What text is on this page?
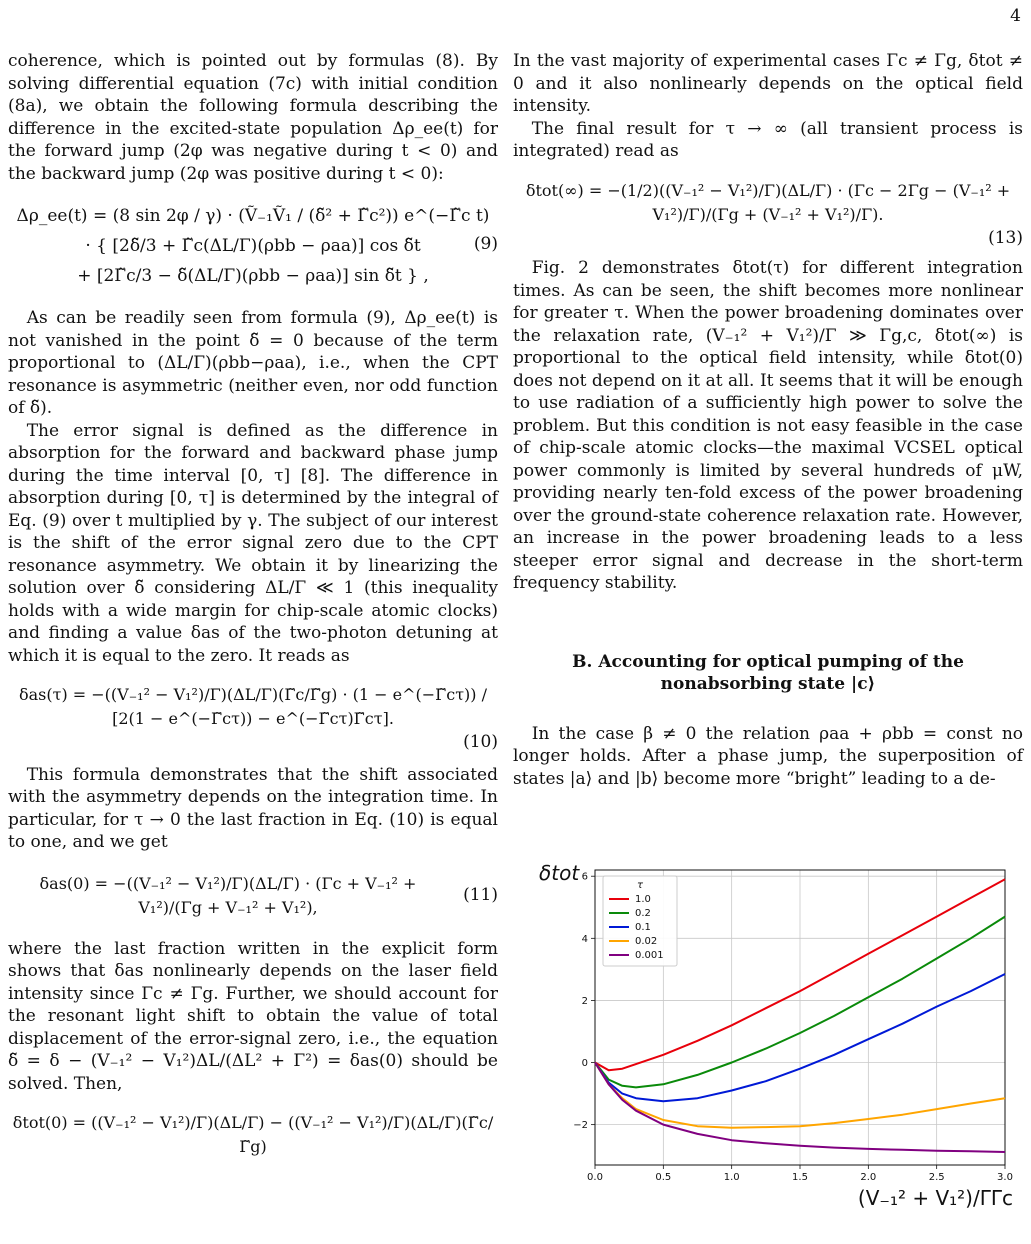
4

coherence, which is pointed out by formulas (8). By solving differential equation (7c) with initial condition (8a), we obtain the following formula describing the difference in the excited-state population Δρ_ee(t) for the forward jump (2φ was negative during t < 0) and the backward jump (2φ was positive during t < 0):

Δρ_ee(t) = (8 sin 2φ / γ) · (Ṽ₋₁Ṽ₁ / (δ̃² + Γ̃c²)) e^(−Γ̃c t)
· { [2δ̃/3 + Γ̃c(ΔL/Γ)(ρbb − ρaa)] cos δ̃t
+ [2Γ̃c/3 − δ̃(ΔL/Γ)(ρbb − ρaa)] sin δ̃t } ,
(9)

As can be readily seen from formula (9), Δρ_ee(t) is not vanished in the point δ̃ = 0 because of the term proportional to (ΔL/Γ)(ρbb−ρaa), i.e., when the CPT resonance is asymmetric (neither even, nor odd function of δ̃).

The error signal is defined as the difference in absorption for the forward and backward phase jump during the time interval [0, τ] [8]. The difference in absorption during [0, τ] is determined by the integral of Eq. (9) over t multiplied by γ. The subject of our interest is the shift of the error signal zero due to the CPT resonance asymmetry. We obtain it by linearizing the solution over δ̃ considering ΔL/Γ ≪ 1 (this inequality holds with a wide margin for chip-scale atomic clocks) and finding a value δas of the two-photon detuning at which it is equal to the zero. It reads as

δas(τ) = −((V₋₁² − V₁²)/Γ)(ΔL/Γ)(Γ̃c/Γ̃g) · (1 − e^(−Γ̃cτ)) / [2(1 − e^(−Γ̃cτ)) − e^(−Γ̃cτ)Γ̃cτ].
(10)

This formula demonstrates that the shift associated with the asymmetry depends on the integration time. In particular, for τ → 0 the last fraction in Eq. (10) is equal to one, and we get

δas(0) = −((V₋₁² − V₁²)/Γ)(ΔL/Γ) · (Γc + V₋₁² + V₁²)/(Γg + V₋₁² + V₁²),
(11)

where the last fraction written in the explicit form shows that δas nonlinearly depends on the laser field intensity since Γc ≠ Γg. Further, we should account for the resonant light shift to obtain the value of total displacement of the error-signal zero, i.e., the equation δ̃ = δ − (V₋₁² − V₁²)ΔL/(ΔL² + Γ²) = δas(0) should be solved. Then,

δtot(0) = ((V₋₁² − V₁²)/Γ)(ΔL/Γ) − ((V₋₁² − V₁²)/Γ)(ΔL/Γ)(Γ̃c/Γ̃g)

In the vast majority of experimental cases Γc ≠ Γg, δtot ≠ 0 and it also nonlinearly depends on the optical field intensity.

The final result for τ → ∞ (all transient process is integrated) read as

δtot(∞) = −(1/2)((V₋₁² − V₁²)/Γ)(ΔL/Γ) · (Γc − 2Γg − (V₋₁² + V₁²)/Γ)/(Γg + (V₋₁² + V₁²)/Γ).
(13)

Fig. 2 demonstrates δtot(τ) for different integration times. As can be seen, the shift becomes more nonlinear for greater τ. When the power broadening dominates over the relaxation rate, (V₋₁² + V₁²)/Γ ≫ Γg,c, δtot(∞) is proportional to the optical field intensity, while δtot(0) does not depend on it at all. It seems that it will be enough to use radiation of a sufficiently high power to solve the problem. But this condition is not easy feasible in the case of chip-scale atomic clocks—the maximal VCSEL optical power commonly is limited by several hundreds of μW, providing nearly ten-fold excess of the power broadening over the ground-state coherence relaxation rate. However, an increase in the power broadening leads to a less steeper error signal and decrease in the short-term frequency stability.

B. Accounting for optical pumping of the nonabsorbing state |c⟩

In the case β ≠ 0 the relation ρaa + ρbb = const no longer holds. After a phase jump, the superposition of states |a⟩ and |b⟩ become more “bright” leading to a de-

0.0	0.5	1.0	1.5	2.0	2.5	3.0
−2
0
2
4
6
τ
1.0
0.2
0.1
0.02
0.001
δtot
(V₋₁² + V₁²)/ΓΓc
